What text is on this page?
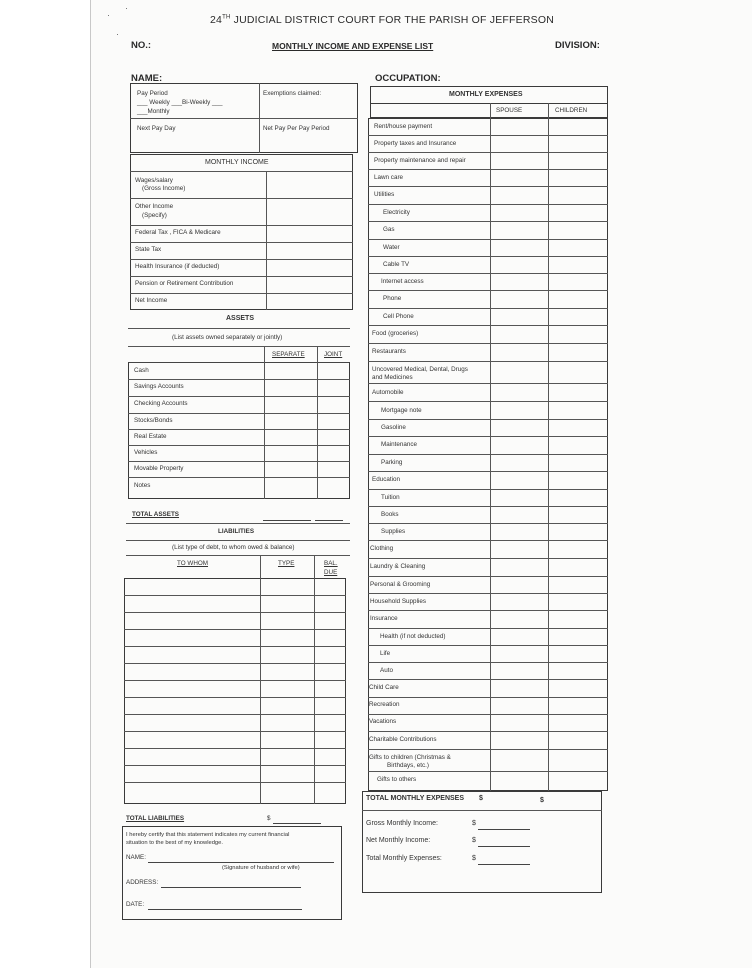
24TH JUDICIAL DISTRICT COURT FOR THE PARISH OF JEFFERSON
NO.:	MONTHLY INCOME AND EXPENSE LIST	DIVISION:
NAME:	OCCUPATION:
Pay Period
___ Weekly ___Bi-Weekly ___
___Monthly
Exemptions claimed:
Next Pay Day	Net Pay Per Pay Period
MONTHLY INCOME
Wages/salary
(Gross Income)
Other Income
(Specify)
Federal Tax , FICA & Medicare
State Tax
Health Insurance (if deducted)
Pension or Retirement Contribution
Net Income
ASSETS
(List assets owned separately or jointly)
SEPARATE	JOINT
Cash
Savings Accounts
Checking Accounts
Stocks/Bonds
Real Estate
Vehicles
Movable Property
Notes
TOTAL ASSETS
LIABILITIES
(List type of debt, to whom owed & balance)
TO WHOM	TYPE	BAL.
DUE
TOTAL LIABILITIES	$
I hereby certify that this statement indicates my current financial
situation to the best of my knowledge.
NAME:
(Signature of husband or wife)
ADDRESS:
DATE:
MONTHLY EXPENSES
SPOUSE	CHILDREN
Rent/house payment
Property taxes and Insurance
Property maintenance and repair
Lawn care
Utilities
Electricity
Gas
Water
Cable TV
Internet access
Phone
Cell Phone
Food (groceries)
Restaurants
Uncovered Medical, Dental, Drugs
and Medicines
Automobile
Mortgage note
Gasoline
Maintenance
Parking
Education
Tuition
Books
Supplies
Clothing
Laundry & Cleaning
Personal & Grooming
Household Supplies
Insurance
Health (if not deducted)
Life
Auto
Child Care
Recreation
Vacations
Charitable Contributions
Gifts to children (Christmas &
Birthdays, etc.)
Gifts to others
TOTAL MONTHLY EXPENSES $	$
Gross Monthly Income:	$
Net Monthly Income:	$
Total Monthly Expenses:	$
